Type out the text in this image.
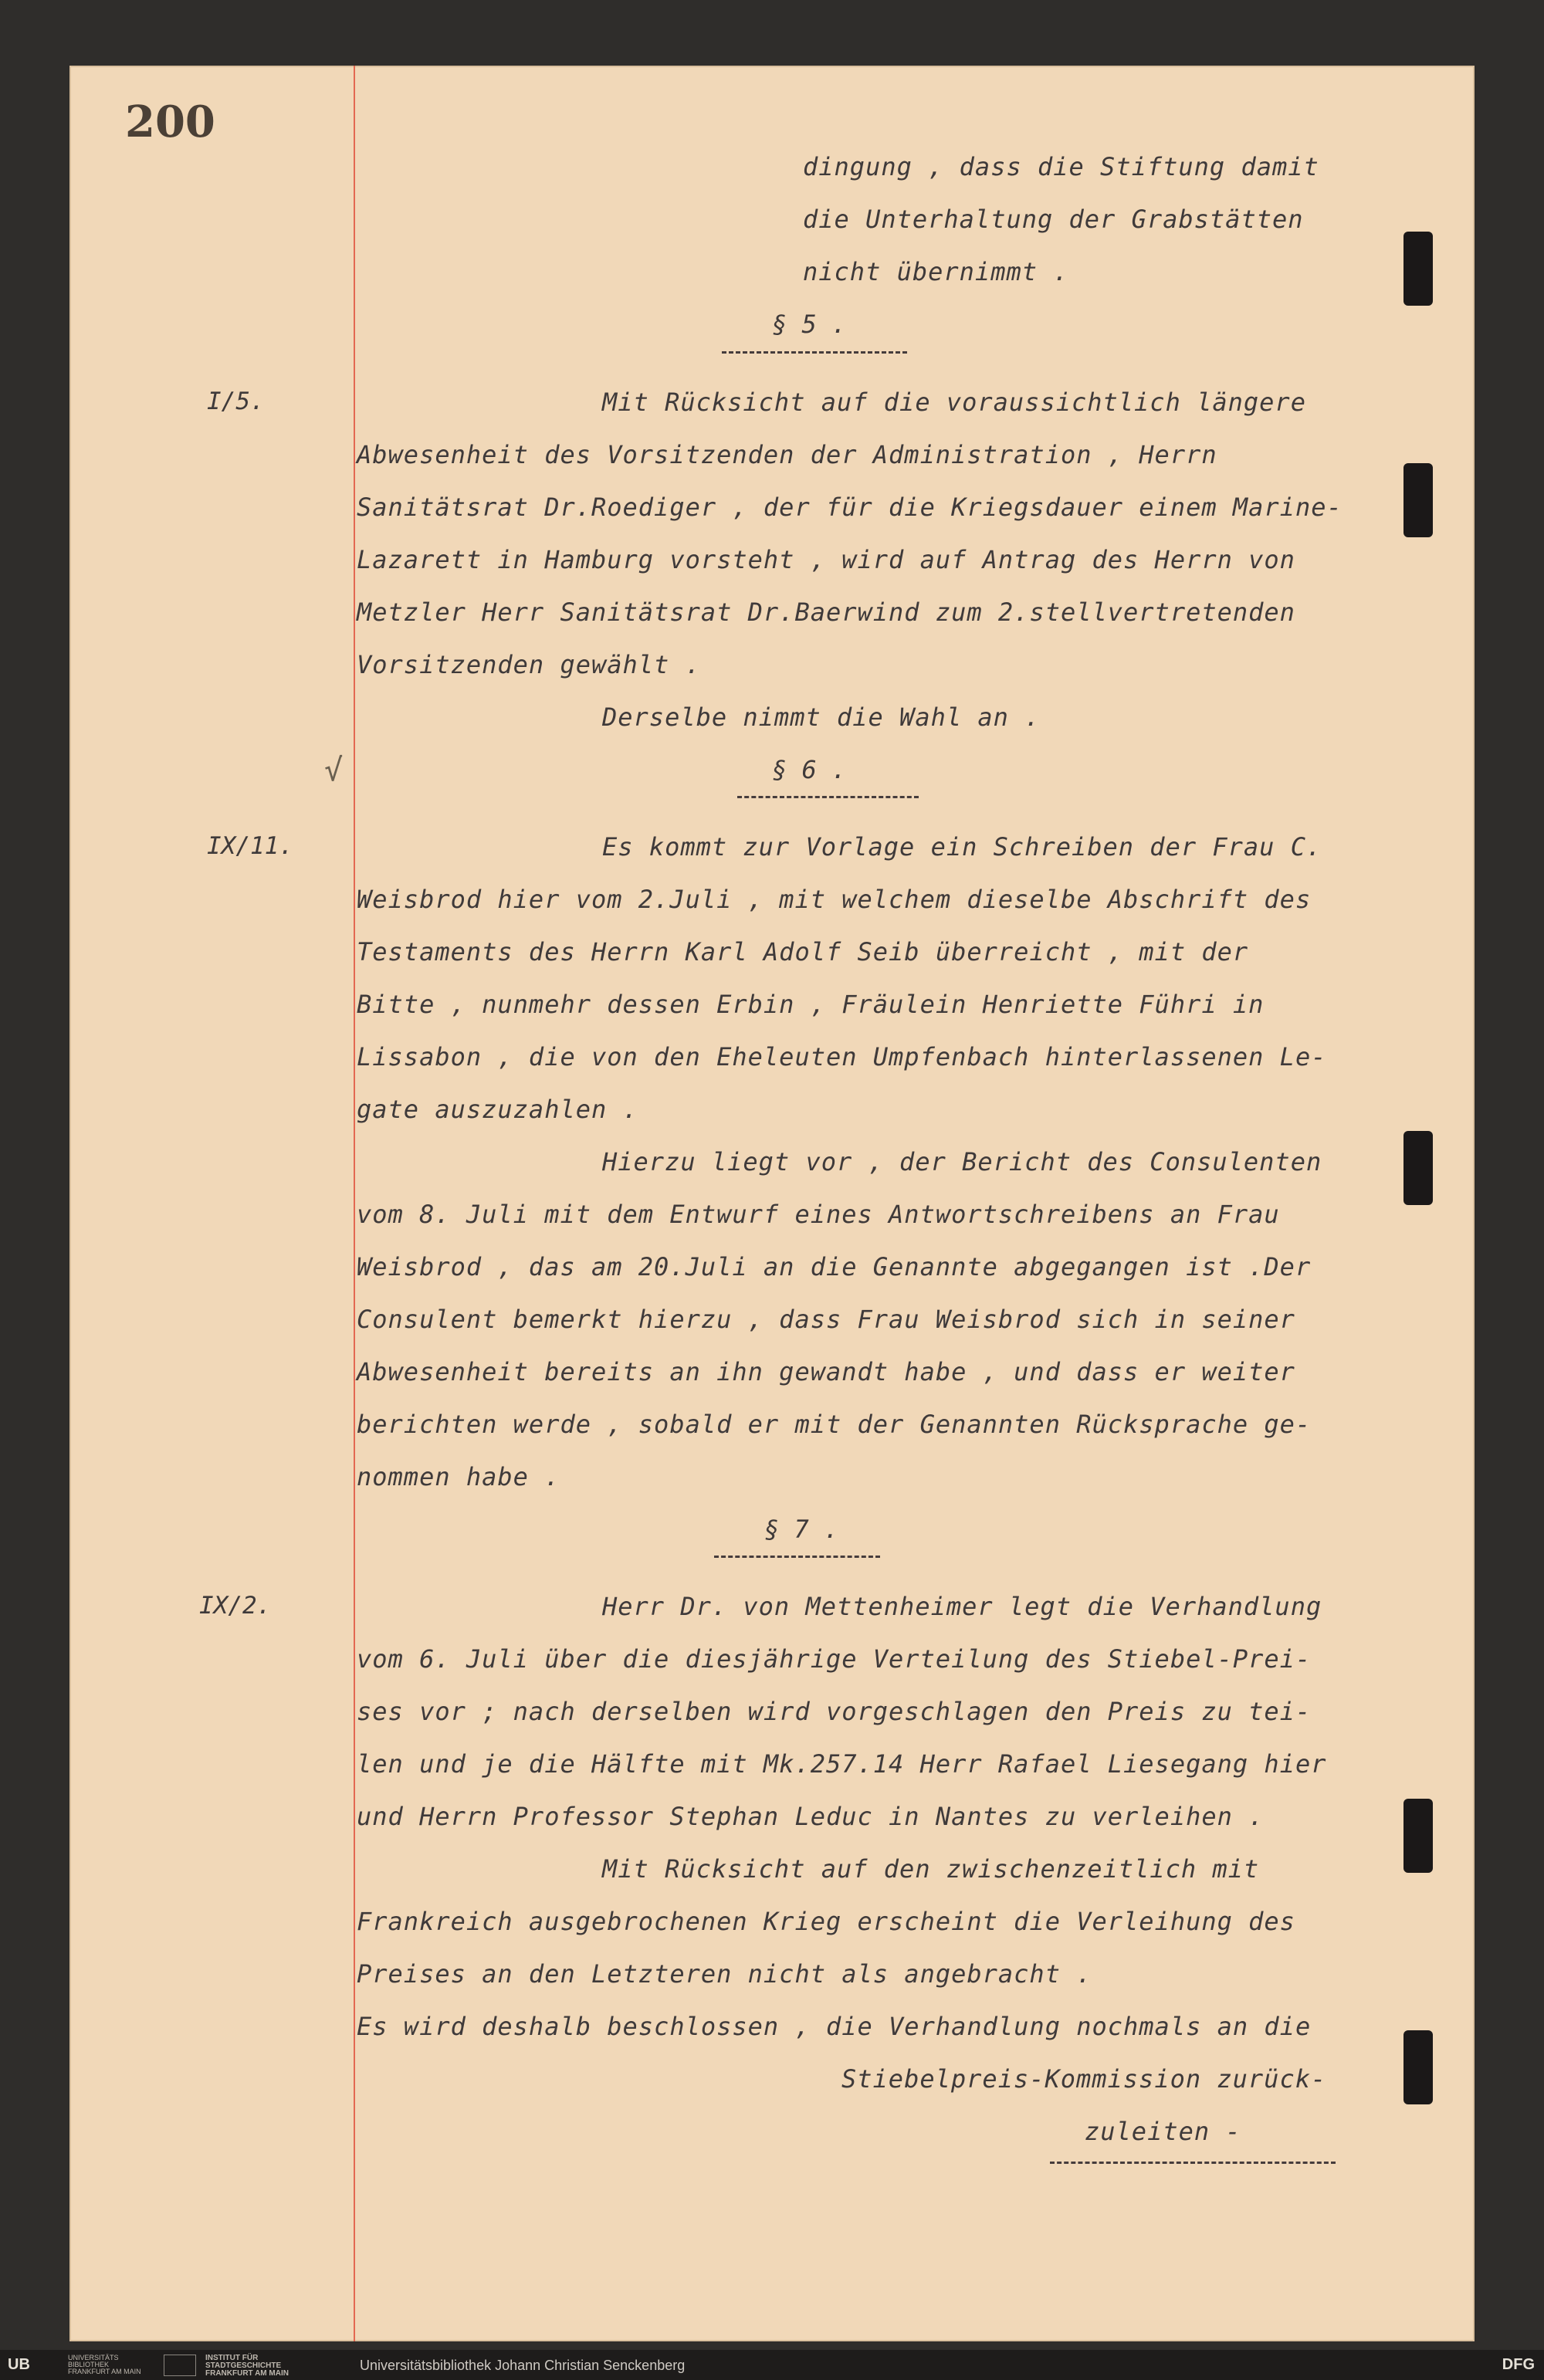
200
dingung , dass die Stiftung damit
die Unterhaltung der Grabstätten
nicht übernimmt .
§ 5 .
I/5.	Mit Rücksicht auf die voraussichtlich längere
Abwesenheit des Vorsitzenden der Administration , Herrn
Sanitätsrat Dr.Roediger , der für die Kriegsdauer einem Marine-
Lazarett in Hamburg vorsteht , wird auf Antrag des Herrn von
Metzler Herr Sanitätsrat Dr.Baerwind zum 2.stellvertretenden
Vorsitzenden gewählt .
Derselbe nimmt die Wahl an .
√	§ 6 .
IX/11.	Es kommt zur Vorlage ein Schreiben der Frau C.
Weisbrod hier vom 2.Juli , mit welchem dieselbe Abschrift des
Testaments des Herrn Karl Adolf Seib überreicht , mit der
Bitte , nunmehr dessen Erbin , Fräulein Henriette Führi in
Lissabon , die von den Eheleuten Umpfenbach hinterlassenen Le-
gate auszuzahlen .
Hierzu liegt vor , der Bericht des Consulenten
vom 8. Juli mit dem Entwurf eines Antwortschreibens an Frau
Weisbrod , das am 20.Juli an die Genannte abgegangen ist .Der
Consulent bemerkt hierzu , dass Frau Weisbrod sich in seiner
Abwesenheit bereits an ihn gewandt habe , und dass er weiter
berichten werde , sobald er mit der Genannten Rücksprache ge-
nommen habe .
§ 7 .
IX/2.	Herr Dr. von Mettenheimer legt die Verhandlung
vom 6. Juli über die diesjährige Verteilung des Stiebel-Prei-
ses vor ; nach derselben wird vorgeschlagen den Preis zu tei-
len und je die Hälfte mit Mk.257.14 Herr Rafael Liesegang hier
und Herrn Professor Stephan Leduc in Nantes zu verleihen .
Mit Rücksicht auf den zwischenzeitlich mit
Frankreich ausgebrochenen Krieg erscheint die Verleihung des
Preises an den Letzteren nicht als angebracht .
Es wird deshalb beschlossen , die Verhandlung nochmals an die
Stiebelpreis-Kommission zurück-
zuleiten -
UB	UNIVERSITÄTS
BIBLIOTHEK
FRANKFURT AM MAIN
INSTITUT FÜR
STADTGESCHICHTE
FRANKFURT AM MAIN
Universitätsbibliothek Johann Christian Senckenberg	DFG
